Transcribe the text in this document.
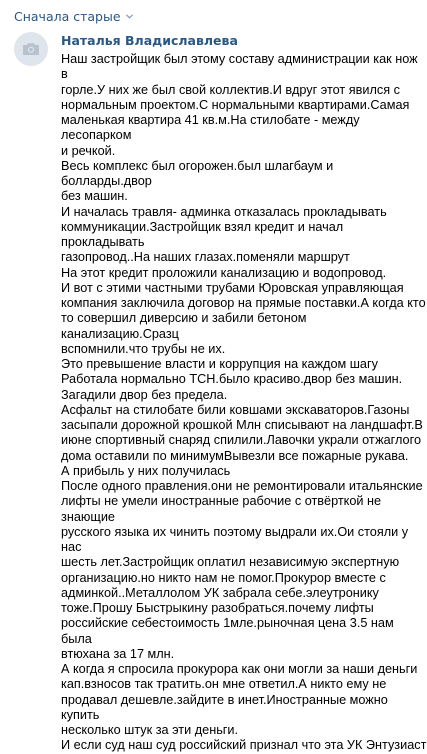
Сначала старые
Наталья Владиславлева

Наш застройщик был этому составу администрации как нож в

горле.У них же был свой коллектив.И вдруг этот явился с

нормальным проектом.С нормальными квартирами.Самая

маленькая квартира 41 кв.м.На стилобате - между лесопарком

и речкой.

Весь комплекс был огорожен.был шлагбаум и болларды.двор

без машин.

И началась травля- админка отказалась прокладывать

коммуникации.Застройщик взял кредит и начал прокладывать

газопровод..На наших глазах.поменяли маршрут

На этот кредит проложили канализацию и водопровод.

И вот с этими частными трубами Юровская управляющая

компания заключила договор на прямые поставки.А когда кто

то совершил диверсию и забили бетоном канализацию.Сразц

вспомнили.что трубы не их.

Это превышение власти и коррупция на каждом шагу

Работала нормально ТСН.было красиво.двор без машин.

Загадили двор без предела.

Асфальт на стилобате били ковшами экскаваторов.Газоны

засыпали дорожной крошкой Млн списывают на ландшафт.В

июне спортивный снаряд спилили.Лавочки украли отжаглого

дома оставили по минимумВывезли все пожарные рукава.

А прибыль у них получилась

После одного правления.они не ремонтировали итальянские

лифты не умели иностранные рабочие с отвёрткой не знающие

русского языка их чинить поэтому выдрали их.Ои стояли у нас

шесть лет.Застройщик оплатил независимую экспертную

организацию.но никто нам не помог.Прокурор вместе с

админкой..Металлолом УК забрала себе.элеутронику

тоже.Прошу Быстрыкину разобраться.почему лифты

российские себестоимость 1млe.рыночная цена 3.5 нам была

втюхана за 17 млн.

А когда я спросила прокурора как они могли за наши деньги

кап.взносов так тратить.он мне ответил.А никто ему не

продавал дешевле.зайдите в инет.Иностранные можно купить

несколько штук за эти деньги.

И если суд наш суд российский признал что эта УК Энтузиаст
